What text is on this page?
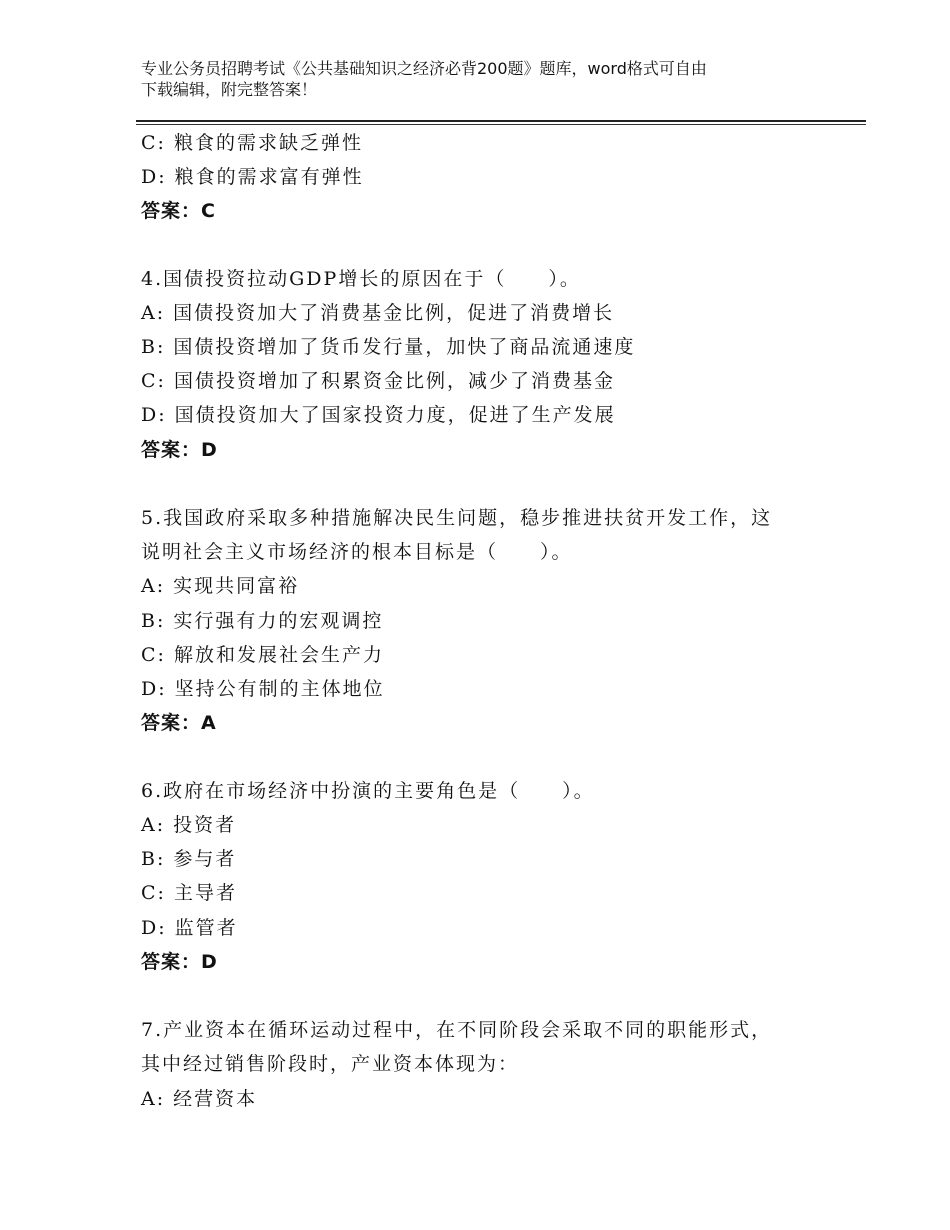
专业公务员招聘考试《公共基础知识之经济必背200题》题库，word格式可自由
下载编辑，附完整答案！
C: 粮食的需求缺乏弹性
D: 粮食的需求富有弹性
答案：C
4.国债投资拉动GDP增长的原因在于（　　）。
A: 国债投资加大了消费基金比例，促进了消费增长
B: 国债投资增加了货币发行量，加快了商品流通速度
C: 国债投资增加了积累资金比例，减少了消费基金
D: 国债投资加大了国家投资力度，促进了生产发展
答案：D
5.我国政府采取多种措施解决民生问题，稳步推进扶贫开发工作，这
说明社会主义市场经济的根本目标是（　　）。
A: 实现共同富裕
B: 实行强有力的宏观调控
C: 解放和发展社会生产力
D: 坚持公有制的主体地位
答案：A
6.政府在市场经济中扮演的主要角色是（　　）。
A: 投资者
B: 参与者
C: 主导者
D: 监管者
答案：D
7.产业资本在循环运动过程中，在不同阶段会采取不同的职能形式，
其中经过销售阶段时，产业资本体现为：
A: 经营资本
